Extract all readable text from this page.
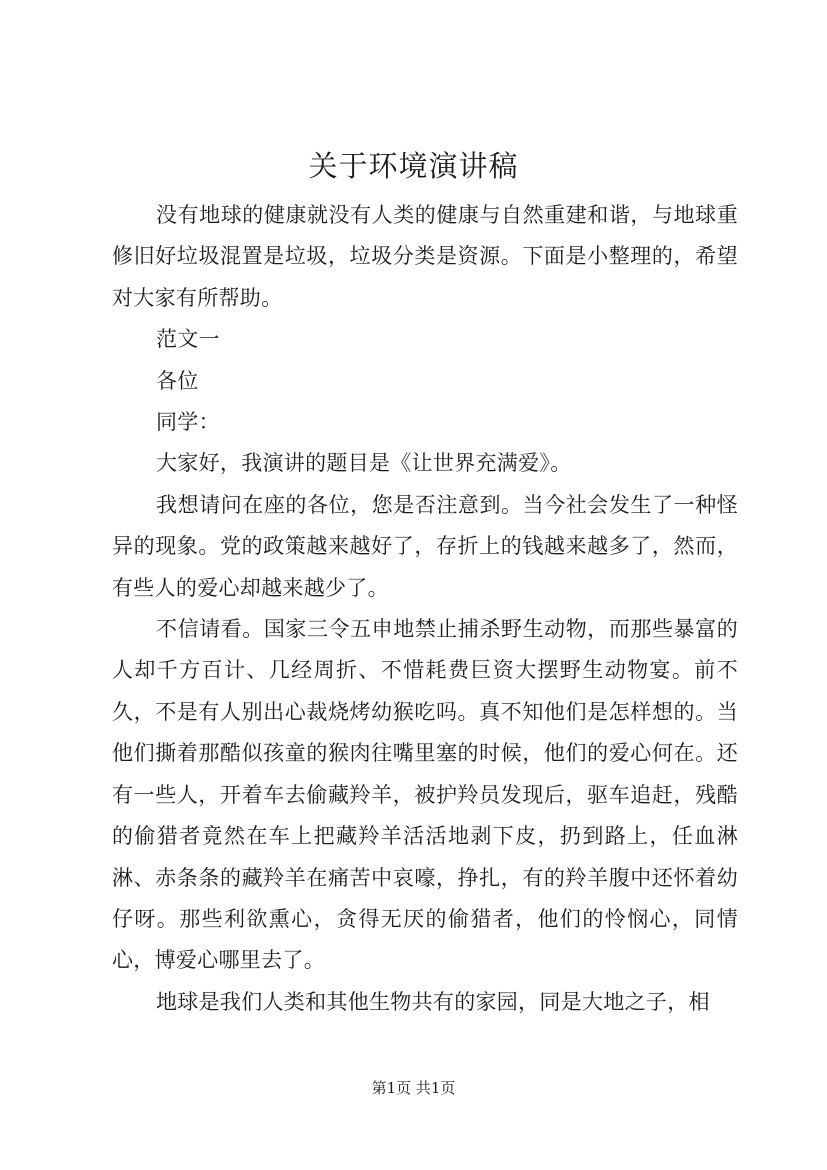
关于环境演讲稿

没有地球的健康就没有人类的健康与自然重建和谐，与地球重修旧好垃圾混置是垃圾，垃圾分类是资源。下面是小整理的，希望对大家有所帮助。

范文一

各位

同学：

大家好，我演讲的题目是《让世界充满爱》。

我想请问在座的各位，您是否注意到。当今社会发生了一种怪异的现象。党的政策越来越好了，存折上的钱越来越多了，然而，有些人的爱心却越来越少了。

不信请看。国家三令五申地禁止捕杀野生动物，而那些暴富的人却千方百计、几经周折、不惜耗费巨资大摆野生动物宴。前不久，不是有人别出心裁烧烤幼猴吃吗。真不知他们是怎样想的。当他们撕着那酷似孩童的猴肉往嘴里塞的时候，他们的爱心何在。还有一些人，开着车去偷藏羚羊，被护羚员发现后，驱车追赶，残酷的偷猎者竟然在车上把藏羚羊活活地剥下皮，扔到路上，任血淋淋、赤条条的藏羚羊在痛苦中哀嚎，挣扎，有的羚羊腹中还怀着幼仔呀。那些利欲熏心，贪得无厌的偷猎者，他们的怜悯心，同情心，博爱心哪里去了。

地球是我们人类和其他生物共有的家园，同是大地之子，相

第1页 共1页
